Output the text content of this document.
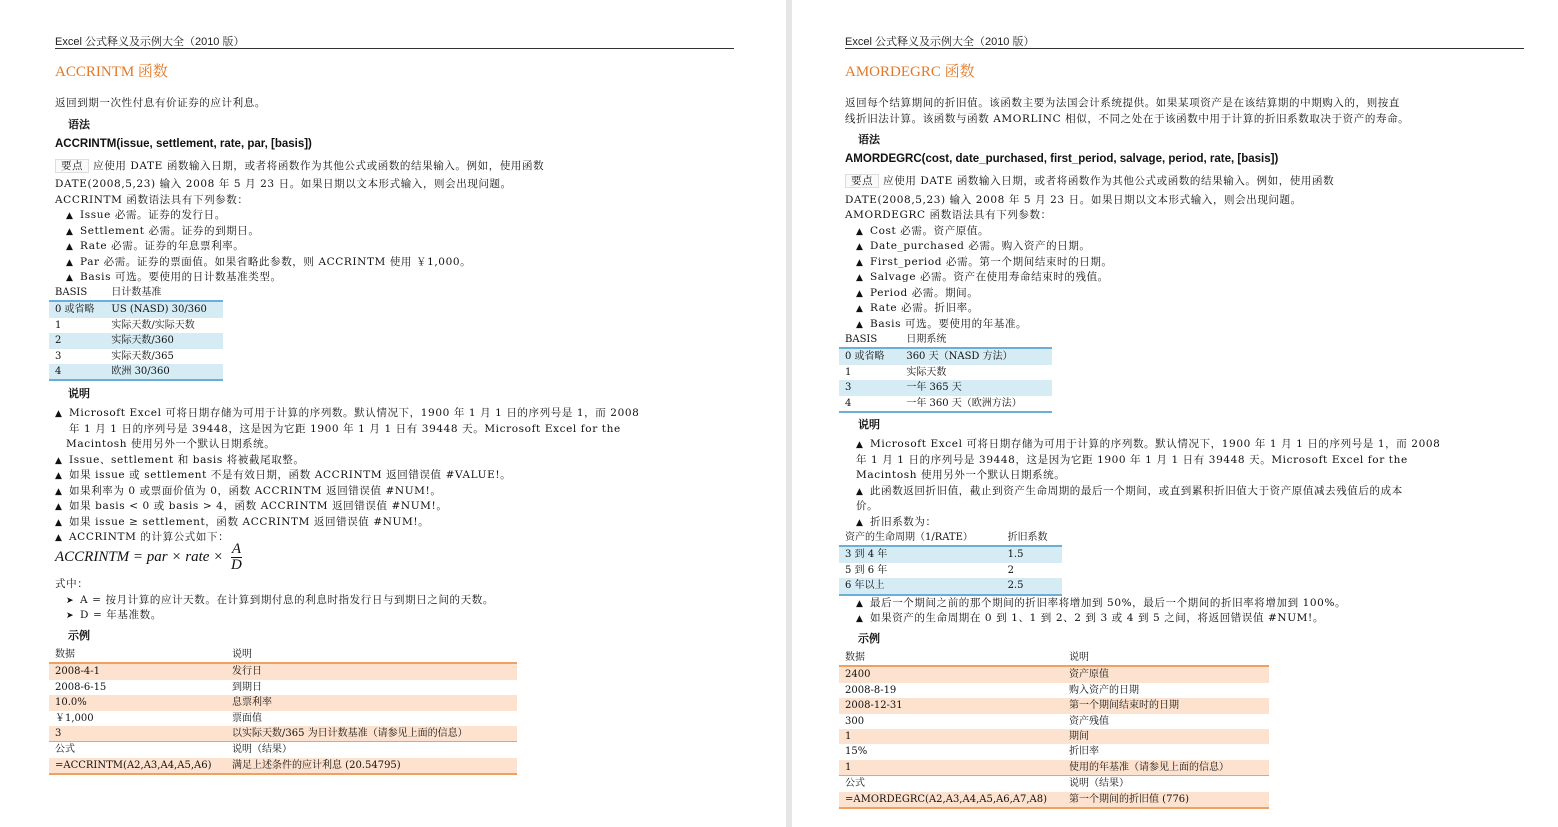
Excel 公式释义及示例大全（2010 版）
ACCRINTM 函数
返回到期一次性付息有价证券的应计利息。
语法
ACCRINTM(issue, settlement, rate, par, [basis])
要点 应使用 DATE 函数输入日期，或者将函数作为其他公式或函数的结果输入。例如，使用函数
DATE(2008,5,23) 输入 2008 年 5 月 23 日。如果日期以文本形式输入，则会出现问题。
ACCRINTM 函数语法具有下列参数：
▲ Issue 必需。证券的发行日。
▲ Settlement 必需。证券的到期日。
▲ Rate 必需。证券的年息票利率。
▲ Par 必需。证券的票面值。如果省略此参数，则 ACCRINTM 使用 ￥1,000。
▲ Basis 可选。要使用的日计数基准类型。
BASIS	日计数基准
0 或省略	US (NASD) 30/360
1	实际天数/实际天数
2	实际天数/360
3	实际天数/365
4	欧洲 30/360
说明
▲ Microsoft Excel 可将日期存储为可用于计算的序列数。默认情况下，1900 年 1 月 1 日的序列号是 1，而 2008
年 1 月 1 日的序列号是 39448，这是因为它距 1900 年 1 月 1 日有 39448 天。Microsoft Excel for the
Macintosh 使用另外一个默认日期系统。
▲ Issue、settlement 和 basis 将被截尾取整。
▲ 如果 issue 或 settlement 不是有效日期，函数 ACCRINTM 返回错误值 #VALUE!。
▲ 如果利率为 0 或票面价值为 0，函数 ACCRINTM 返回错误值 #NUM!。
▲ 如果 basis < 0 或 basis > 4，函数 ACCRINTM 返回错误值 #NUM!。
▲ 如果 issue ≥ settlement，函数 ACCRINTM 返回错误值 #NUM!。
▲ ACCRINTM 的计算公式如下：
ACCRINTM = par × rate × $\frac{A}{D}$
式中：
➤ A = 按月计算的应计天数。在计算到期付息的利息时指发行日与到期日之间的天数。
➤ D = 年基准数。
示例
数据	说明
2008-4-1	发行日
2008-6-15	到期日
10.0%	息票利率
￥1,000	票面值
3	以实际天数/365 为日计数基准（请参见上面的信息）
公式	说明（结果）
=ACCRINTM(A2,A3,A4,A5,A6)	满足上述条件的应计利息 (20.54795)
Excel 公式释义及示例大全（2010 版）
AMORDEGRC 函数
返回每个结算期间的折旧值。该函数主要为法国会计系统提供。如果某项资产是在该结算期的中期购入的，则按直
线折旧法计算。该函数与函数 AMORLINC 相似，不同之处在于该函数中用于计算的折旧系数取决于资产的寿命。
语法
AMORDEGRC(cost, date_purchased, first_period, salvage, period, rate, [basis])
要点 应使用 DATE 函数输入日期，或者将函数作为其他公式或函数的结果输入。例如，使用函数
DATE(2008,5,23) 输入 2008 年 5 月 23 日。如果日期以文本形式输入，则会出现问题。
AMORDEGRC 函数语法具有下列参数：
▲ Cost 必需。资产原值。
▲ Date_purchased 必需。购入资产的日期。
▲ First_period 必需。第一个期间结束时的日期。
▲ Salvage 必需。资产在使用寿命结束时的残值。
▲ Period 必需。期间。
▲ Rate 必需。折旧率。
▲ Basis 可选。要使用的年基准。
BASIS	日期系统
0 或省略	360 天（NASD 方法）
1	实际天数
3	一年 365 天
4	一年 360 天（欧洲方法）
说明
▲ Microsoft Excel 可将日期存储为可用于计算的序列数。默认情况下，1900 年 1 月 1 日的序列号是 1，而 2008
年 1 月 1 日的序列号是 39448，这是因为它距 1900 年 1 月 1 日有 39448 天。Microsoft Excel for the
Macintosh 使用另外一个默认日期系统。
▲ 此函数返回折旧值，截止到资产生命周期的最后一个期间，或直到累积折旧值大于资产原值减去残值后的成本
价。
▲ 折旧系数为：
资产的生命周期（1/RATE）	折旧系数
3 到 4 年	1.5
5 到 6 年	2
6 年以上	2.5
▲ 最后一个期间之前的那个期间的折旧率将增加到 50%，最后一个期间的折旧率将增加到 100%。
▲ 如果资产的生命周期在 0 到 1、1 到 2、2 到 3 或 4 到 5 之间，将返回错误值 #NUM!。
示例
数据	说明
2400	资产原值
2008-8-19	购入资产的日期
2008-12-31	第一个期间结束时的日期
300	资产残值
1	期间
15%	折旧率
1	使用的年基准（请参见上面的信息）
公式	说明（结果）
=AMORDEGRC(A2,A3,A4,A5,A6,A7,A8)	第一个期间的折旧值 (776)
